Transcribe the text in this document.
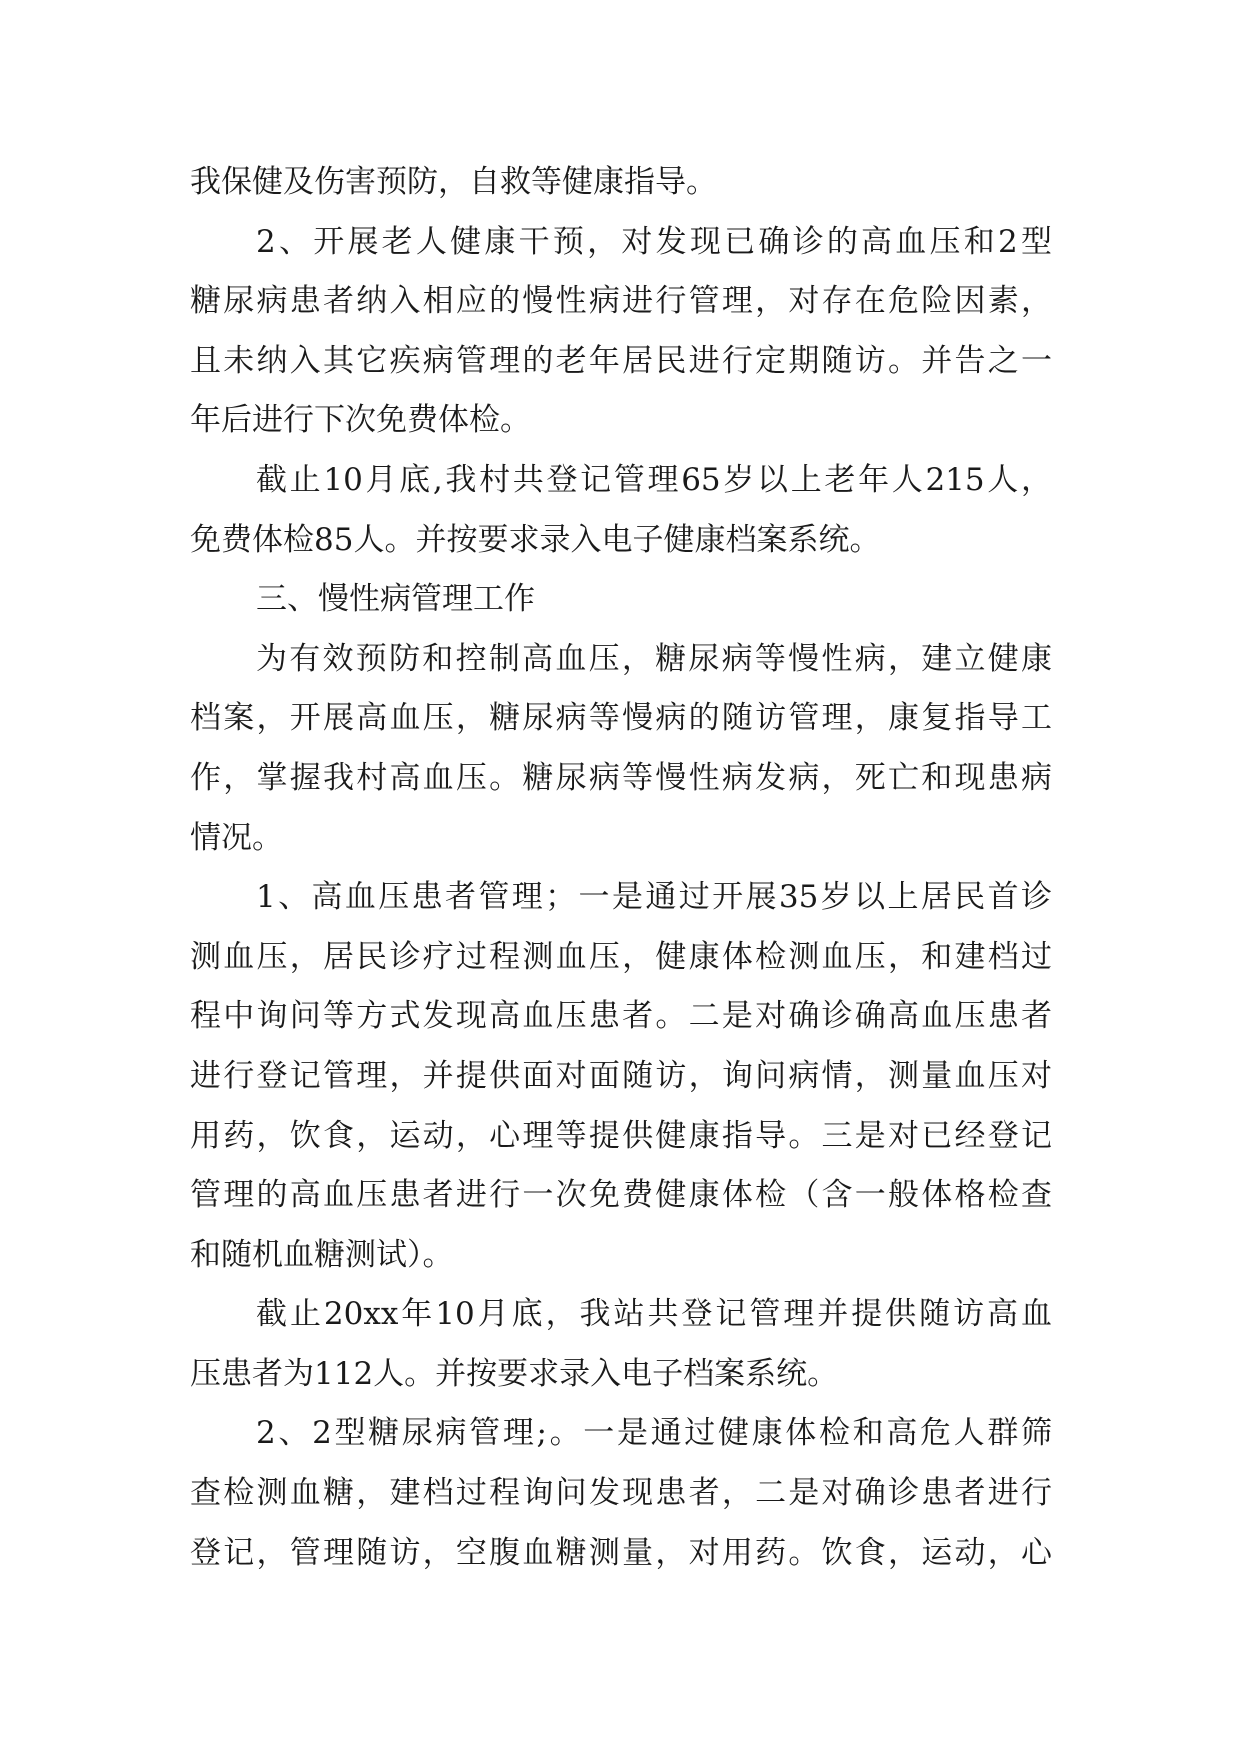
我保健及伤害预防，自救等健康指导。
2、开展老人健康干预，对发现已确诊的高血压和2型
糖尿病患者纳入相应的慢性病进行管理，对存在危险因素，
且未纳入其它疾病管理的老年居民进行定期随访。并告之一
年后进行下次免费体检。
截止10月底,我村共登记管理65岁以上老年人215人，
免费体检85人。并按要求录入电子健康档案系统。
三、慢性病管理工作
为有效预防和控制高血压，糖尿病等慢性病，建立健康
档案，开展高血压，糖尿病等慢病的随访管理，康复指导工
作，掌握我村高血压。糖尿病等慢性病发病，死亡和现患病
情况。
1、高血压患者管理；一是通过开展35岁以上居民首诊
测血压，居民诊疗过程测血压，健康体检测血压，和建档过
程中询问等方式发现高血压患者。二是对确诊确高血压患者
进行登记管理，并提供面对面随访，询问病情，测量血压对
用药，饮食，运动，心理等提供健康指导。三是对已经登记
管理的高血压患者进行一次免费健康体检（含一般体格检查
和随机血糖测试）。
截止20xx年10月底，我站共登记管理并提供随访高血
压患者为112人。并按要求录入电子档案系统。
2、2型糖尿病管理;。一是通过健康体检和高危人群筛
查检测血糖，建档过程询问发现患者，二是对确诊患者进行
登记，管理随访，空腹血糖测量，对用药。饮食，运动，心
